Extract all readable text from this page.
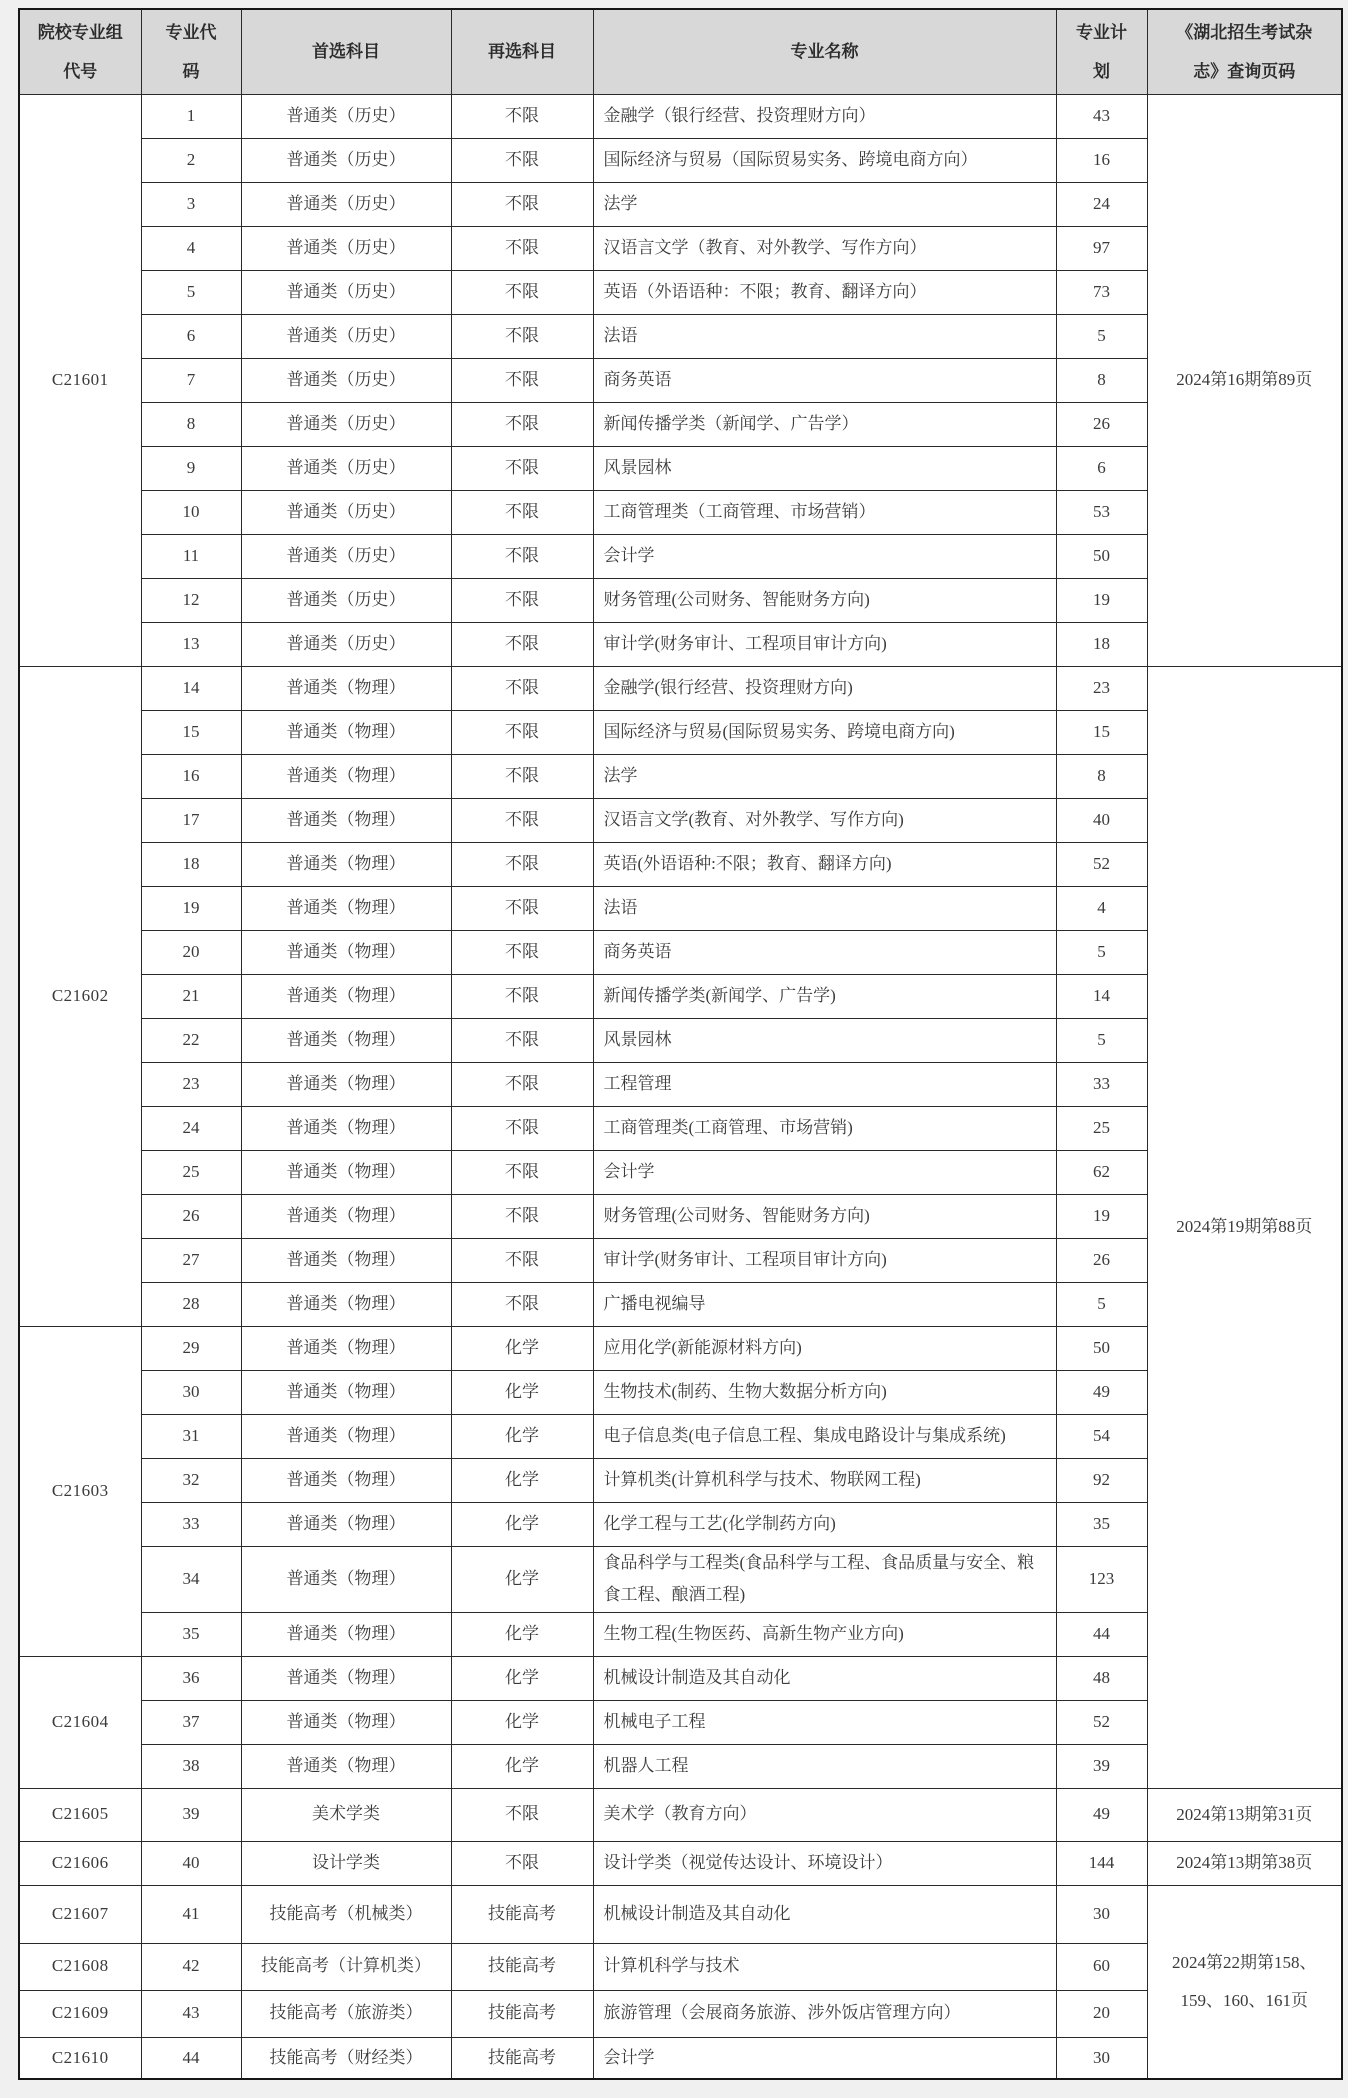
院校专业组代号	专业代码	首选科目	再选科目	专业名称	专业计划	《湖北招生考试杂志》查询页码
C21601	1	普通类（历史）	不限	金融学（银行经营、投资理财方向）	43	2024第16期第89页
	2	普通类（历史）	不限	国际经济与贸易（国际贸易实务、跨境电商方向）	16	
	3	普通类（历史）	不限	法学	24	
	4	普通类（历史）	不限	汉语言文学（教育、对外教学、写作方向）	97	
	5	普通类（历史）	不限	英语（外语语种：不限；教育、翻译方向）	73	
	6	普通类（历史）	不限	法语	5	
	7	普通类（历史）	不限	商务英语	8	
	8	普通类（历史）	不限	新闻传播学类（新闻学、广告学）	26	
	9	普通类（历史）	不限	风景园林	6	
	10	普通类（历史）	不限	工商管理类（工商管理、市场营销）	53	
	11	普通类（历史）	不限	会计学	50	
	12	普通类（历史）	不限	财务管理(公司财务、智能财务方向)	19	
	13	普通类（历史）	不限	审计学(财务审计、工程项目审计方向)	18	
C21602	14	普通类（物理）	不限	金融学(银行经营、投资理财方向)	23	2024第19期第88页
	15	普通类（物理）	不限	国际经济与贸易(国际贸易实务、跨境电商方向)	15	
	16	普通类（物理）	不限	法学	8	
	17	普通类（物理）	不限	汉语言文学(教育、对外教学、写作方向)	40	
	18	普通类（物理）	不限	英语(外语语种:不限；教育、翻译方向)	52	
	19	普通类（物理）	不限	法语	4	
	20	普通类（物理）	不限	商务英语	5	
	21	普通类（物理）	不限	新闻传播学类(新闻学、广告学)	14	
	22	普通类（物理）	不限	风景园林	5	
	23	普通类（物理）	不限	工程管理	33	
	24	普通类（物理）	不限	工商管理类(工商管理、市场营销)	25	
	25	普通类（物理）	不限	会计学	62	
	26	普通类（物理）	不限	财务管理(公司财务、智能财务方向)	19	
	27	普通类（物理）	不限	审计学(财务审计、工程项目审计方向)	26	
	28	普通类（物理）	不限	广播电视编导	5	
C21603	29	普通类（物理）	化学	应用化学(新能源材料方向)	50	
	30	普通类（物理）	化学	生物技术(制药、生物大数据分析方向)	49	
	31	普通类（物理）	化学	电子信息类(电子信息工程、集成电路设计与集成系统)	54	
	32	普通类（物理）	化学	计算机类(计算机科学与技术、物联网工程)	92	
	33	普通类（物理）	化学	化学工程与工艺(化学制药方向)	35	
	34	普通类（物理）	化学	食品科学与工程类(食品科学与工程、食品质量与安全、粮食工程、酿酒工程)	123	
	35	普通类（物理）	化学	生物工程(生物医药、高新生物产业方向)	44	
C21604	36	普通类（物理）	化学	机械设计制造及其自动化	48	
	37	普通类（物理）	化学	机械电子工程	52	
	38	普通类（物理）	化学	机器人工程	39	
C21605	39	美术学类	不限	美术学（教育方向）	49	2024第13期第31页
C21606	40	设计学类	不限	设计学类（视觉传达设计、环境设计）	144	2024第13期第38页
C21607	41	技能高考（机械类）	技能高考	机械设计制造及其自动化	30	2024第22期第158、159、160、161页
C21608	42	技能高考（计算机类）	技能高考	计算机科学与技术	60	
C21609	43	技能高考（旅游类）	技能高考	旅游管理（会展商务旅游、涉外饭店管理方向）	20	
C21610	44	技能高考（财经类）	技能高考	会计学	30	
